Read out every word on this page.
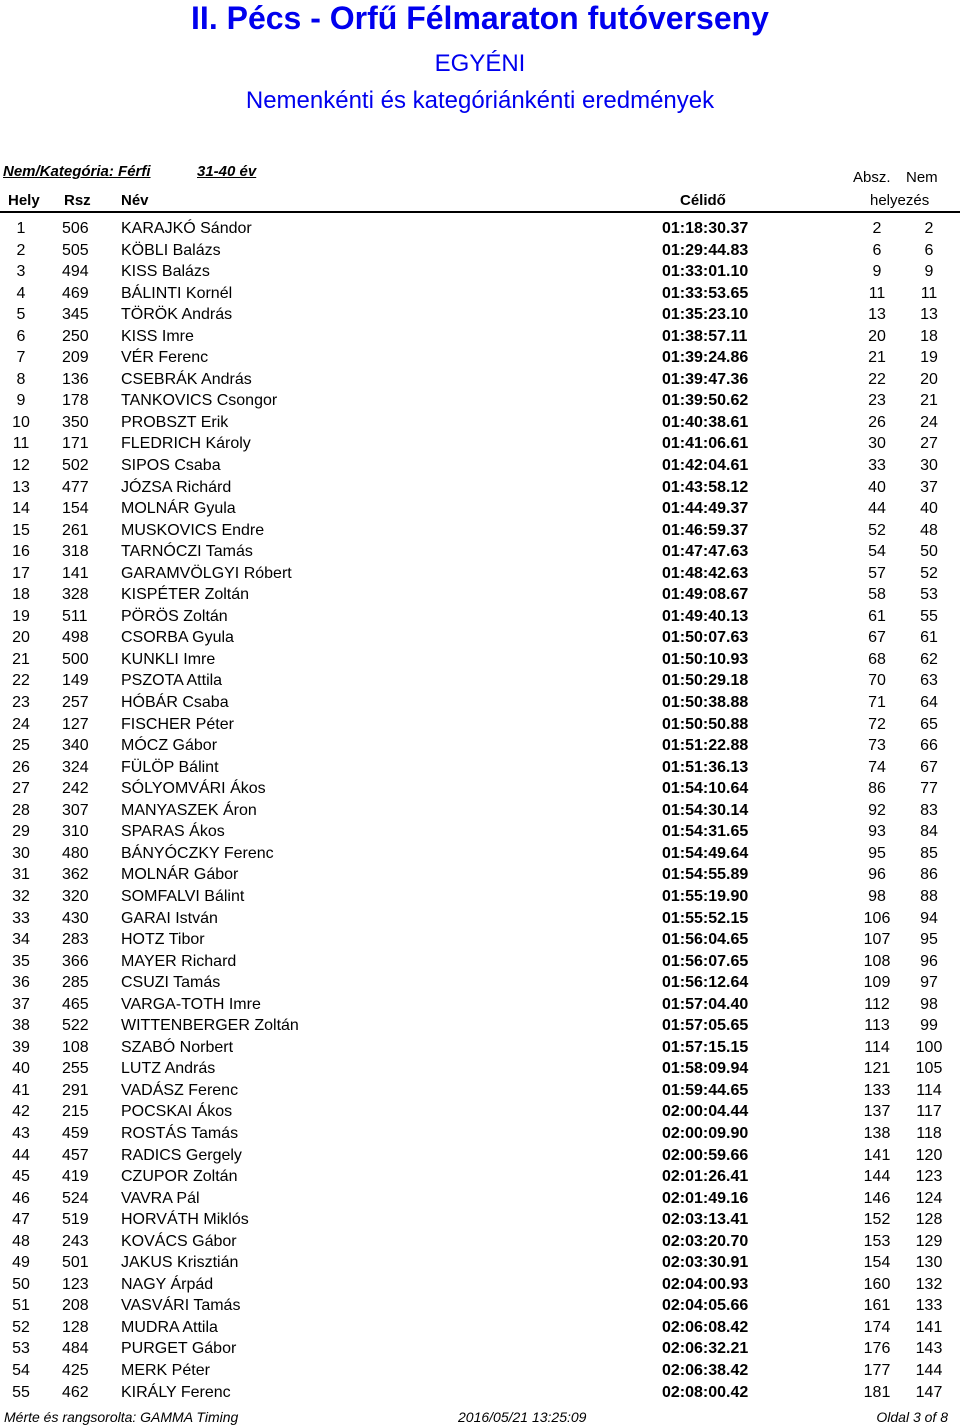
II. Pécs - Orfű Félmaraton futóverseny
EGYÉNI
Nemenkénti és kategóriánkénti eredmények
Nem/Kategória: Férfi	31-40 év	Absz. Nem
Hely Rsz Név	Célidő	helyezés
1	506 KARAJKÓ Sándor	01:18:30.37	2	2
2	505 KÖBLI Balázs	01:29:44.83	6	6
3	494 KISS Balázs	01:33:01.10	9	9
4	469 BÁLINTI Kornél	01:33:53.65	11	11
5	345 TÖRÖK András	01:35:23.10	13	13
6	250 KISS Imre	01:38:57.11	20	18
7	209 VÉR Ferenc	01:39:24.86	21	19
8	136 CSEBRÁK András	01:39:47.36	22	20
9	178 TANKOVICS Csongor	01:39:50.62	23	21
10	350 PROBSZT Erik	01:40:38.61	26	24
11	171 FLEDRICH Károly	01:41:06.61	30	27
12	502 SIPOS Csaba	01:42:04.61	33	30
13	477 JÓZSA Richárd	01:43:58.12	40	37
14	154 MOLNÁR Gyula	01:44:49.37	44	40
15	261 MUSKOVICS Endre	01:46:59.37	52	48
16	318 TARNÓCZI Tamás	01:47:47.63	54	50
17	141 GARAMVÖLGYI Róbert	01:48:42.63	57	52
18	328 KISPÉTER Zoltán	01:49:08.67	58	53
19	511 PÖRÖS Zoltán	01:49:40.13	61	55
20	498 CSORBA Gyula	01:50:07.63	67	61
21	500 KUNKLI Imre	01:50:10.93	68	62
22	149 PSZOTA Attila	01:50:29.18	70	63
23	257 HÓBÁR Csaba	01:50:38.88	71	64
24	127 FISCHER Péter	01:50:50.88	72	65
25	340 MÓCZ Gábor	01:51:22.88	73	66
26	324 FÜLÖP Bálint	01:51:36.13	74	67
27	242 SÓLYOMVÁRI Ákos	01:54:10.64	86	77
28	307 MANYASZEK Áron	01:54:30.14	92	83
29	310 SPARAS Ákos	01:54:31.65	93	84
30	480 BÁNYÓCZKY Ferenc	01:54:49.64	95	85
31	362 MOLNÁR Gábor	01:54:55.89	96	86
32	320 SOMFALVI Bálint	01:55:19.90	98	88
33	430 GARAI István	01:55:52.15	106	94
34	283 HOTZ Tibor	01:56:04.65	107	95
35	366 MAYER Richard	01:56:07.65	108	96
36	285 CSUZI Tamás	01:56:12.64	109	97
37	465 VARGA-TOTH Imre	01:57:04.40	112	98
38	522 WITTENBERGER Zoltán	01:57:05.65	113	99
39	108 SZABÓ Norbert	01:57:15.15	114	100
40	255 LUTZ András	01:58:09.94	121	105
41	291 VADÁSZ Ferenc	01:59:44.65	133	114
42	215 POCSKAI Ákos	02:00:04.44	137	117
43	459 ROSTÁS Tamás	02:00:09.90	138	118
44	457 RADICS Gergely	02:00:59.66	141	120
45	419 CZUPOR Zoltán	02:01:26.41	144	123
46	524 VAVRA Pál	02:01:49.16	146	124
47	519 HORVÁTH Miklós	02:03:13.41	152	128
48	243 KOVÁCS Gábor	02:03:20.70	153	129
49	501 JAKUS Krisztián	02:03:30.91	154	130
50	123 NAGY Árpád	02:04:00.93	160	132
51	208 VASVÁRI Tamás	02:04:05.66	161	133
52	128 MUDRA Attila	02:06:08.42	174	141
53	484 PURGET Gábor	02:06:32.21	176	143
54	425 MERK Péter	02:06:38.42	177	144
55	462 KIRÁLY Ferenc	02:08:00.42	181	147
Mérte és rangsorolta: GAMMA Timing	2016/05/21 13:25:09	Oldal 3 of 8
